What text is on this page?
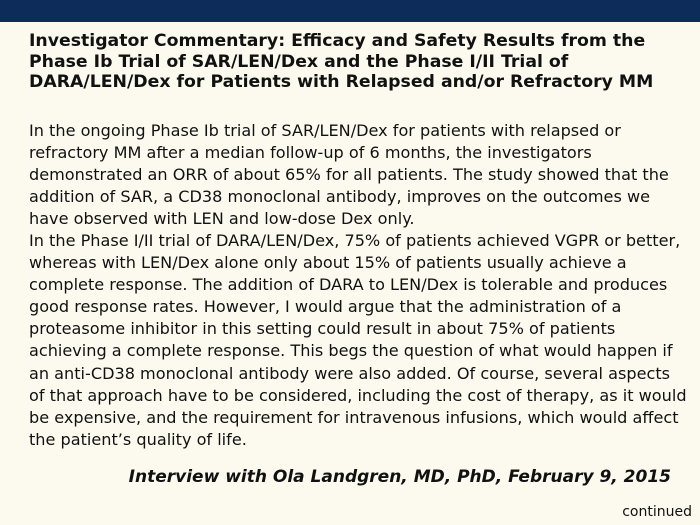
Investigator Commentary: Efficacy and Safety Results from the Phase Ib Trial of SAR/LEN/Dex and the Phase I/II Trial of DARA/LEN/Dex for Patients with Relapsed and/or Refractory MM

In the ongoing Phase Ib trial of SAR/LEN/Dex for patients with relapsed or refractory MM after a median follow-up of 6 months, the investigators demonstrated an ORR of about 65% for all patients. The study showed that the addition of SAR, a CD38 monoclonal antibody, improves on the outcomes we have observed with LEN and low-dose Dex only.

In the Phase I/II trial of DARA/LEN/Dex, 75% of patients achieved VGPR or better, whereas with LEN/Dex alone only about 15% of patients usually achieve a complete response. The addition of DARA to LEN/Dex is tolerable and produces good response rates. However, I would argue that the administration of a proteasome inhibitor in this setting could result in about 75% of patients achieving a complete response. This begs the question of what would happen if an anti-CD38 monoclonal antibody were also added. Of course, several aspects of that approach have to be considered, including the cost of therapy, as it would be expensive, and the requirement for intravenous infusions, which would affect the patient’s quality of life.

Interview with Ola Landgren, MD, PhD, February 9, 2015

continued
